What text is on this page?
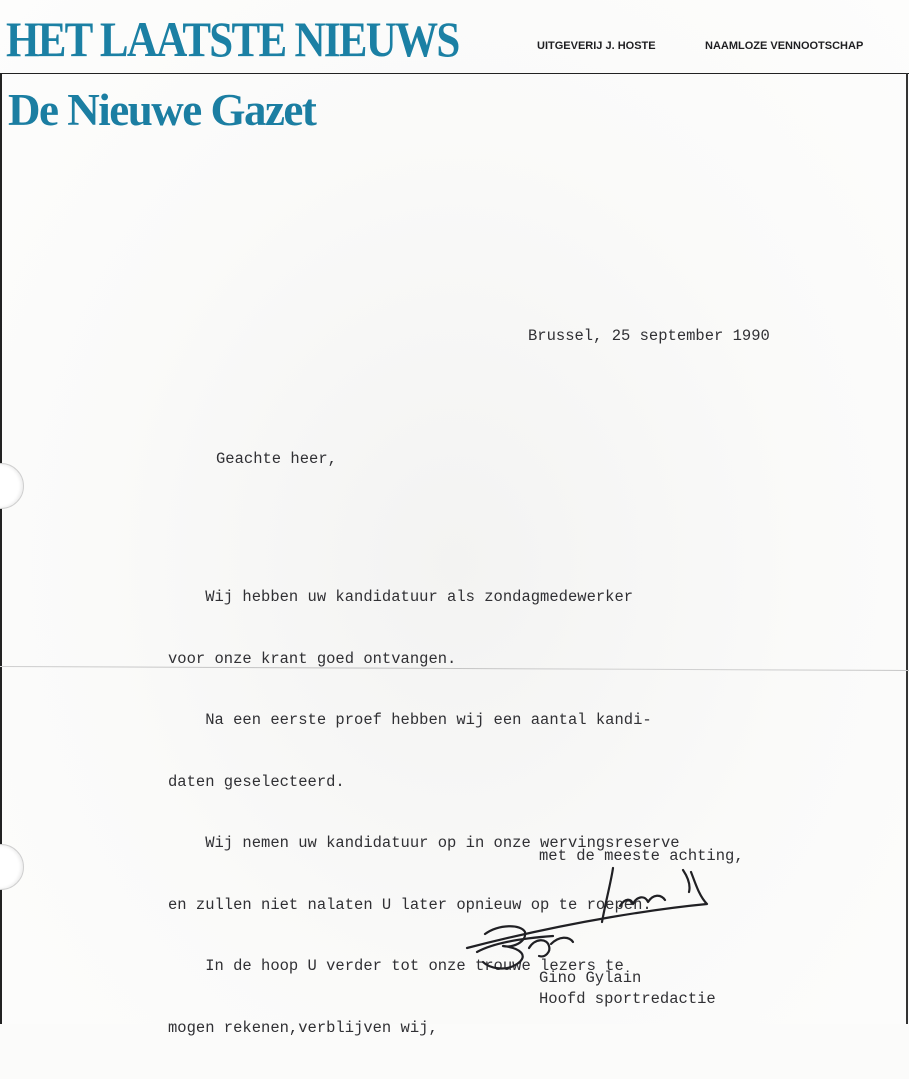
HET LAATSTE NIEUWS
De Nieuwe Gazet
UITGEVERIJ J. HOSTE	NAAMLOZE VENNOOTSCHAP
Brussel, 25 september 1990
Geachte heer,

Wij hebben uw kandidatuur als zondagmedewerker

voor onze krant goed ontvangen.

Na een eerste proef hebben wij een aantal kandi-

daten geselecteerd.

Wij nemen uw kandidatuur op in onze wervingsreserve

en zullen niet nalaten U later opnieuw op te roepen.

In de hoop U verder tot onze trouwe lezers te

mogen rekenen,verblijven wij,

met de meeste achting,
Gino Gylain
Hoofd sportredactie
